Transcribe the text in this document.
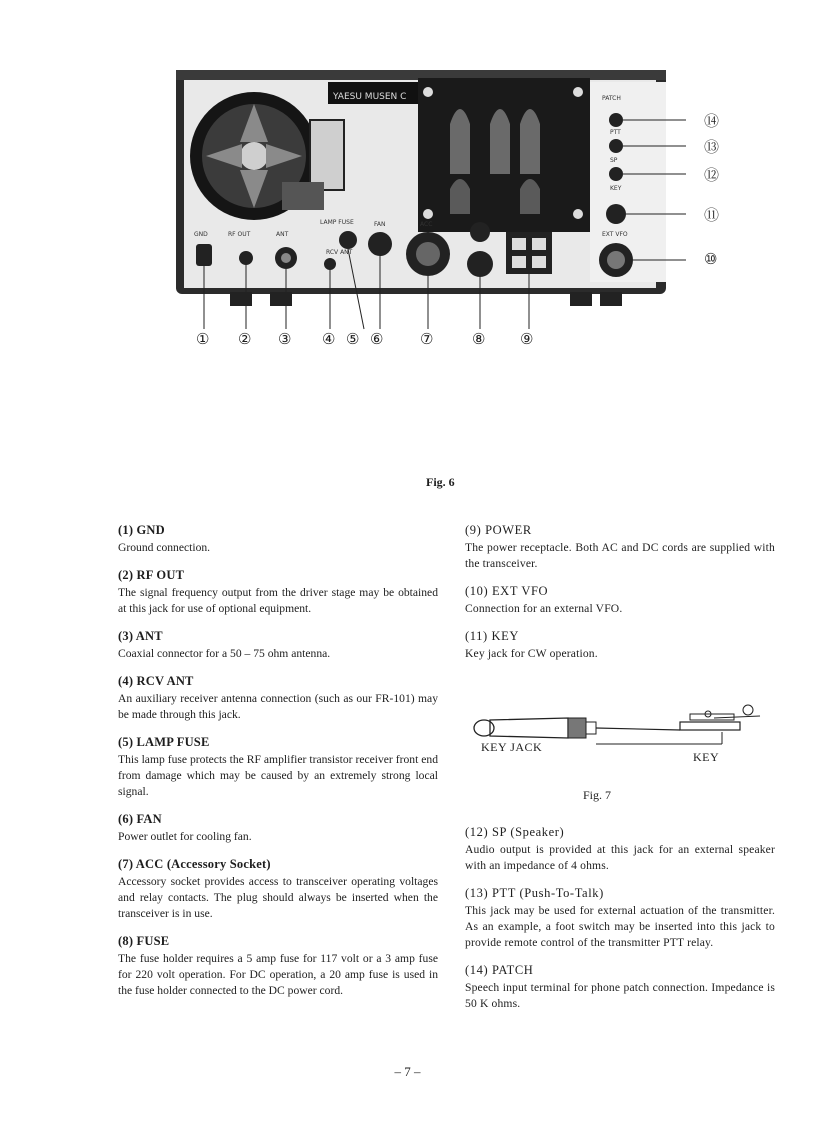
YAESU MUSEN C
GND	RF OUT	ANT
LAMP FUSE	FAN	ACC
RCV ANT
PATCH
PTT
SP
KEY
EXT VFO
⑭
⑬
⑫
⑪
⑩
① ② ③ ④ ⑤ ⑥ ⑦	⑧ ⑨
Fig. 6
(1) GND

Ground connection.

(2) RF OUT

The signal frequency output from the driver stage may be obtained at this jack for use of optional equipment.

(3) ANT

Coaxial connector for a 50 – 75 ohm antenna.

(4) RCV ANT

An auxiliary receiver antenna connection (such as our FR-101) may be made through this jack.

(5) LAMP FUSE

This lamp fuse protects the RF amplifier transistor receiver front end from damage which may be caused by an extremely strong local signal.

(6) FAN

Power outlet for cooling fan.

(7) ACC (Accessory Socket)

Accessory socket provides access to transceiver operating voltages and relay contacts. The plug should always be inserted when the transceiver is in use.

(8) FUSE

The fuse holder requires a 5 amp fuse for 117 volt or a 3 amp fuse for 220 volt operation. For DC operation, a 20 amp fuse is used in the fuse holder connected to the DC power cord.

(9) POWER

The power receptacle. Both AC and DC cords are supplied with the transceiver.

(10) EXT VFO

Connection for an external VFO.

(11) KEY

Key jack for CW operation.

KEY JACK
KEY
Fig. 7
(12) SP (Speaker)

Audio output is provided at this jack for an external speaker with an impedance of 4 ohms.

(13) PTT (Push-To-Talk)

This jack may be used for external actuation of the transmitter. As an example, a foot switch may be inserted into this jack to provide remote control of the transmitter PTT relay.

(14) PATCH

Speech input terminal for phone patch connection. Impedance is 50 K ohms.

– 7 –
